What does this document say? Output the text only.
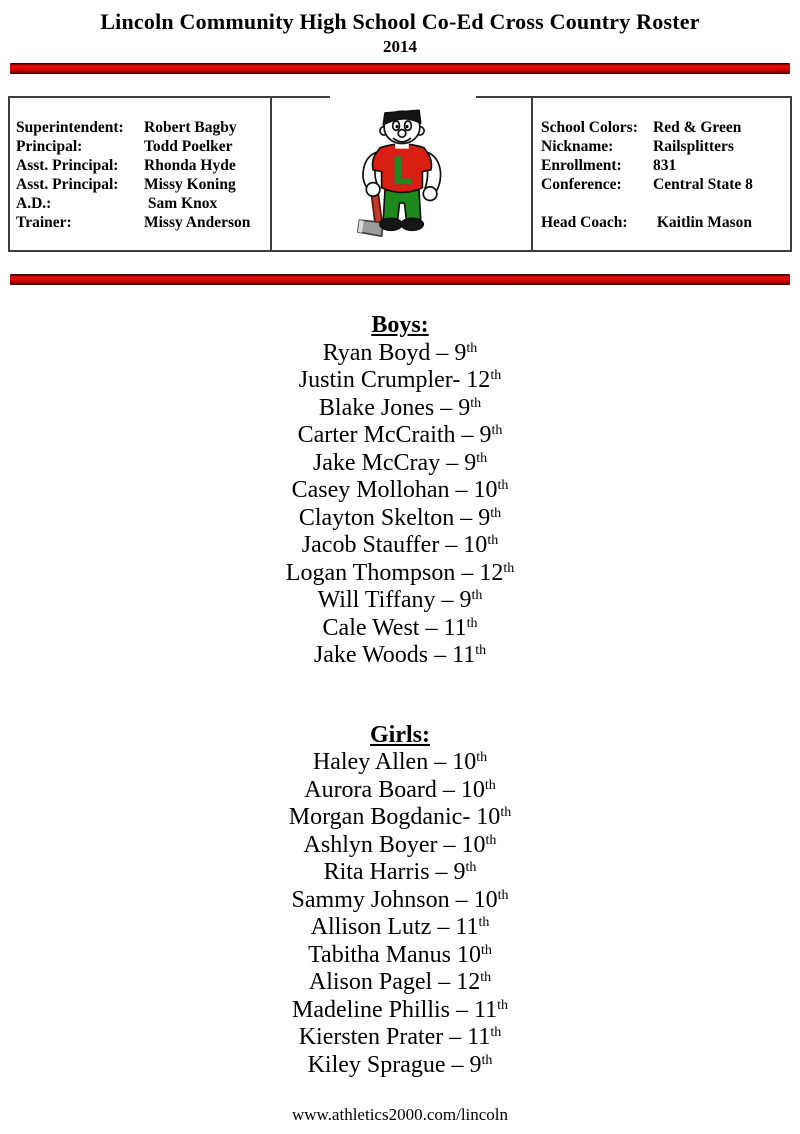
Lincoln Community High School Co-Ed Cross Country Roster
2014
Superintendent:	Robert Bagby
Principal:	Todd Poelker
Asst. Principal:	Rhonda Hyde
Asst. Principal:	Missy Koning
A.D.:	Sam Knox
Trainer:	Missy Anderson
School Colors: Red & Green
Nickname:	Railsplitters
Enrollment:	831
Conference:	Central State 8
Head Coach:	Kaitlin Mason
Boys:
Ryan Boyd – 9th
Justin Crumpler- 12th
Blake Jones – 9th
Carter McCraith – 9th
Jake McCray – 9th
Casey Mollohan – 10th
Clayton Skelton – 9th
Jacob Stauffer – 10th
Logan Thompson – 12th
Will Tiffany – 9th
Cale West – 11th
Jake Woods – 11th
Girls:
Haley Allen – 10th
Aurora Board – 10th
Morgan Bogdanic- 10th
Ashlyn Boyer – 10th
Rita Harris – 9th
Sammy Johnson – 10th
Allison Lutz – 11th
Tabitha Manus 10th
Alison Pagel – 12th
Madeline Phillis – 11th
Kiersten Prater – 11th
Kiley Sprague – 9th
www.athletics2000.com/lincoln
